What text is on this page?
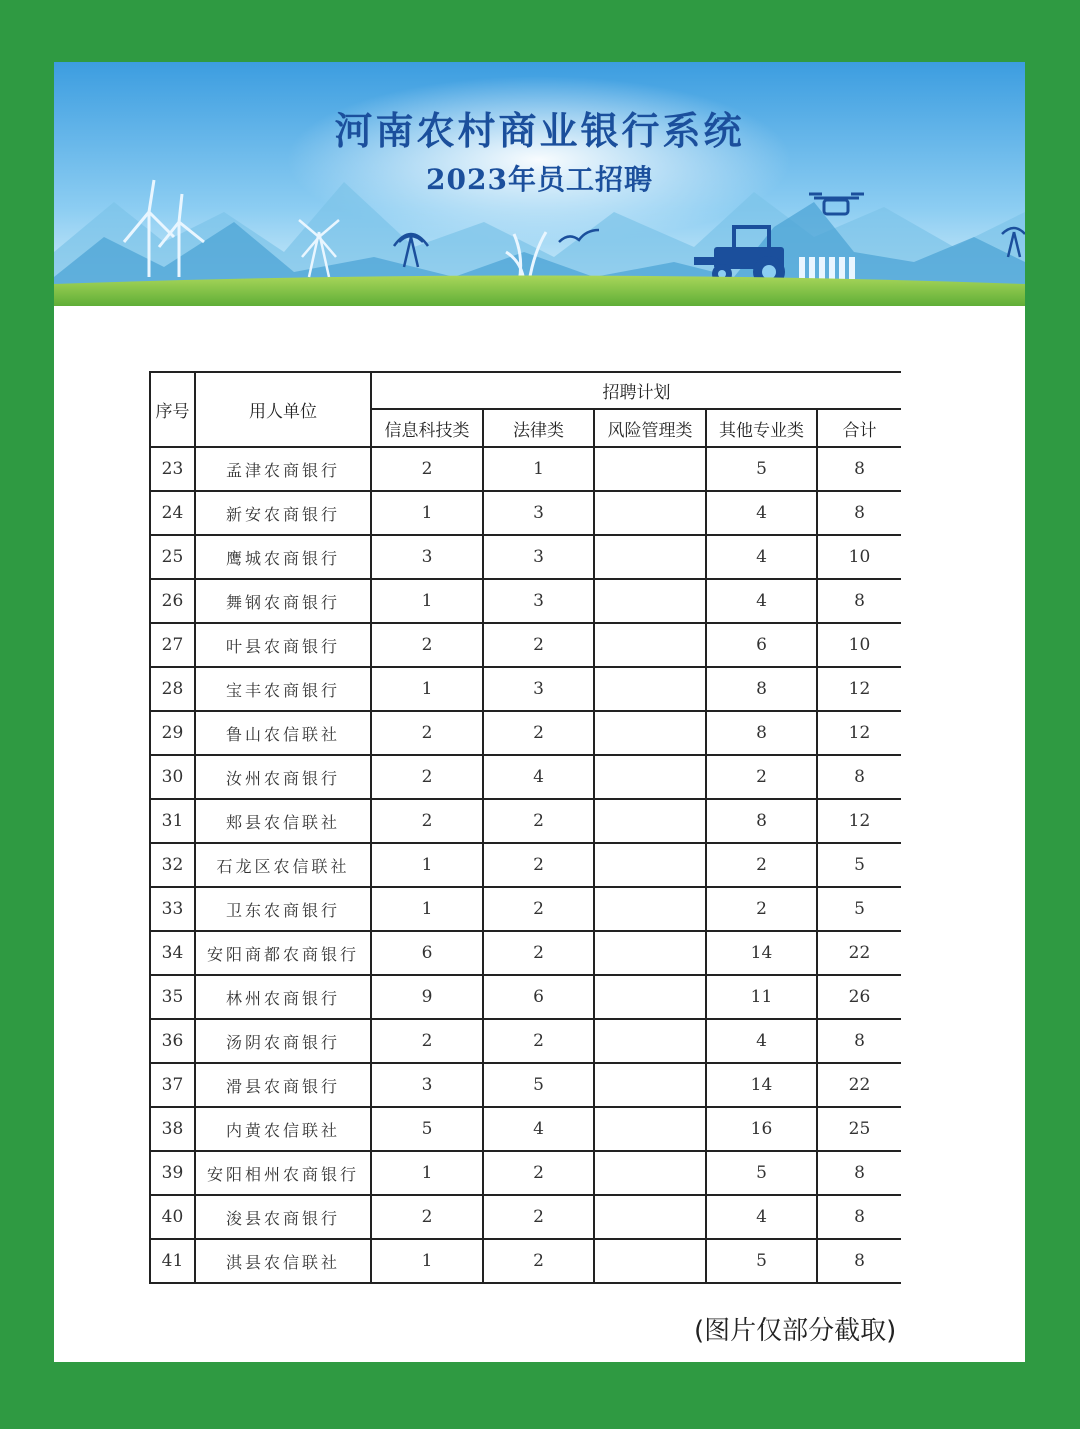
河南农村商业银行系统
2023年员工招聘
序号	用人单位	招聘计划				
		信息科技类	法律类	风险管理类	其他专业类	合计
23	孟津农商银行	2	1		5	8
24	新安农商银行	1	3		4	8
25	鹰城农商银行	3	3		4	10
26	舞钢农商银行	1	3		4	8
27	叶县农商银行	2	2		6	10
28	宝丰农商银行	1	3		8	12
29	鲁山农信联社	2	2		8	12
30	汝州农商银行	2	4		2	8
31	郏县农信联社	2	2		8	12
32	石龙区农信联社	1	2		2	5
33	卫东农商银行	1	2		2	5
34	安阳商都农商银行	6	2		14	22
35	林州农商银行	9	6		11	26
36	汤阴农商银行	2	2		4	8
37	滑县农商银行	3	5		14	22
38	内黄农信联社	5	4		16	25
39	安阳相州农商银行	1	2		5	8
40	浚县农商银行	2	2		4	8
41	淇县农信联社	1	2		5	8
(图片仅部分截取)
